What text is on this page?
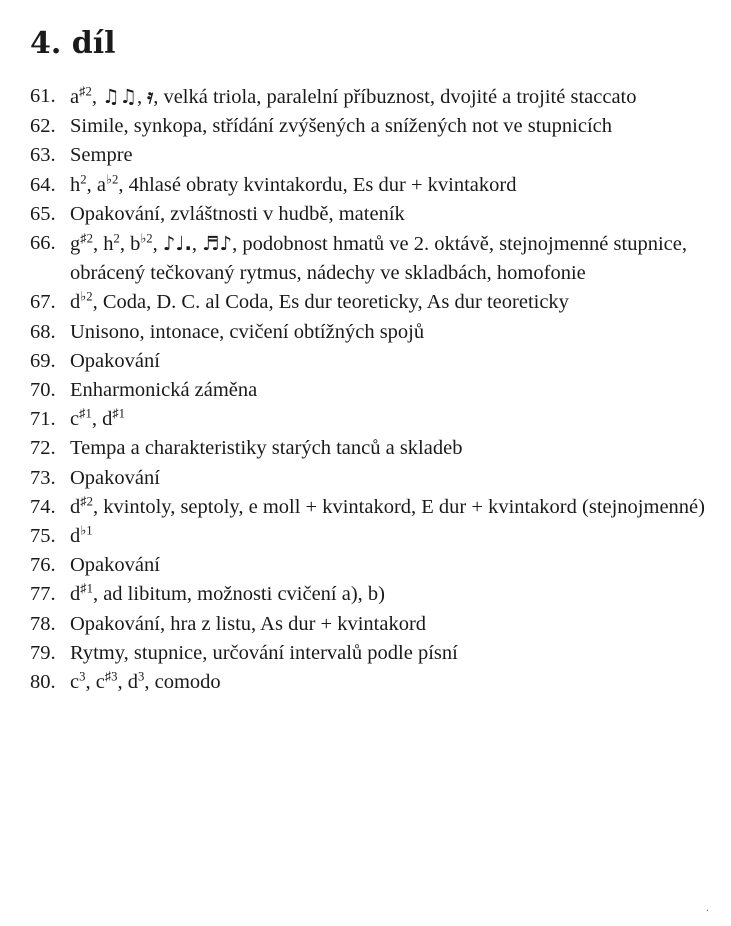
4. díl
61. $a^{♯2}$, ♫♫, 𝄿, velká triola, paralelní příbuznost, dvojité a trojité staccato
62. Simile, synkopa, střídání zvýšených a snížených not ve stupnicích
63. Sempre
64. $h^2$, $a^{♭2}$, 4hlasé obraty kvintakordu, Es dur + kvintakord
65. Opakování, zvláštnosti v hudbě, mateník
66. $g^{♯2}$, $h^2$, $b^{♭2}$, ♪♩., ♬♪, podobnost hmatů ve 2. oktávě, stejnojmenné stupnice, obrácený tečkovaný rytmus, nádechy ve skladbách, homofonie
67. $d^{♭2}$, Coda, D. C. al Coda, Es dur teoreticky, As dur teoreticky
68. Unisono, intonace, cvičení obtížných spojů
69. Opakování
70. Enharmonická záměna
71. $c^{♯1}$, $d^{♯1}$
72. Tempa a charakteristiky starých tanců a skladeb
73. Opakování
74. $d^{♯2}$, kvintoly, septoly, e moll + kvintakord, E dur + kvintakord (stejnojmenné)
75. $d^{♭1}$
76. Opakování
77. $d^{♯1}$, ad libitum, možnosti cvičení a), b)
78. Opakování, hra z listu, As dur + kvintakord
79. Rytmy, stupnice, určování intervalů podle písní
80. $c^3$, $c^{♯3}$, $d^3$, comodo
.
